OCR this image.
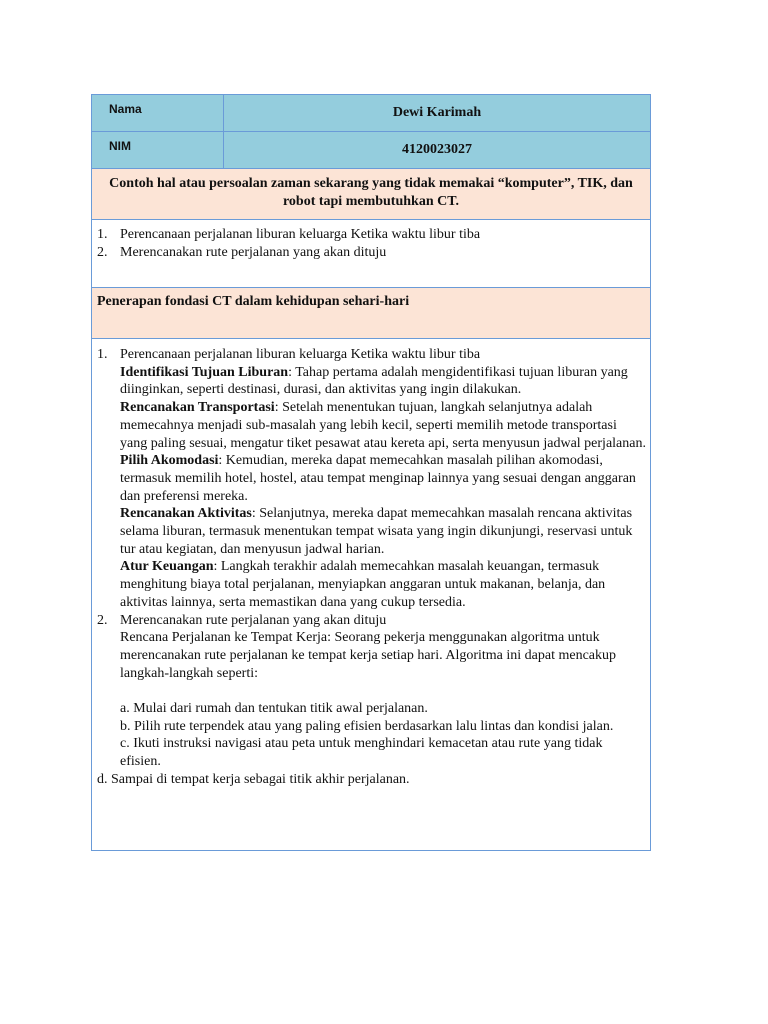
Nama	Dewi Karimah
NIM	4120023027
Contoh hal atau persoalan zaman sekarang yang tidak memakai “komputer”, TIK, dan robot tapi membutuhkan CT.
1. Perencanaan perjalanan liburan keluarga Ketika waktu libur tiba
2. Merencanakan rute perjalanan yang akan dituju
Penerapan fondasi CT dalam kehidupan sehari-hari
1. Perencanaan perjalanan liburan keluarga Ketika waktu libur tiba
Identifikasi Tujuan Liburan: Tahap pertama adalah mengidentifikasi tujuan liburan yang diinginkan, seperti destinasi, durasi, dan aktivitas yang ingin dilakukan.
Rencanakan Transportasi: Setelah menentukan tujuan, langkah selanjutnya adalah memecahnya menjadi sub-masalah yang lebih kecil, seperti memilih metode transportasi yang paling sesuai, mengatur tiket pesawat atau kereta api, serta menyusun jadwal perjalanan.
Pilih Akomodasi: Kemudian, mereka dapat memecahkan masalah pilihan akomodasi, termasuk memilih hotel, hostel, atau tempat menginap lainnya yang sesuai dengan anggaran dan preferensi mereka.
Rencanakan Aktivitas: Selanjutnya, mereka dapat memecahkan masalah rencana aktivitas selama liburan, termasuk menentukan tempat wisata yang ingin dikunjungi, reservasi untuk tur atau kegiatan, dan menyusun jadwal harian.
Atur Keuangan: Langkah terakhir adalah memecahkan masalah keuangan, termasuk menghitung biaya total perjalanan, menyiapkan anggaran untuk makanan, belanja, dan aktivitas lainnya, serta memastikan dana yang cukup tersedia.
2. Merencanakan rute perjalanan yang akan dituju
Rencana Perjalanan ke Tempat Kerja: Seorang pekerja menggunakan algoritma untuk merencanakan rute perjalanan ke tempat kerja setiap hari. Algoritma ini dapat mencakup langkah-langkah seperti:
a. Mulai dari rumah dan tentukan titik awal perjalanan.
b. Pilih rute terpendek atau yang paling efisien berdasarkan lalu lintas dan kondisi jalan.
c. Ikuti instruksi navigasi atau peta untuk menghindari kemacetan atau rute yang tidak efisien.
d. Sampai di tempat kerja sebagai titik akhir perjalanan.
